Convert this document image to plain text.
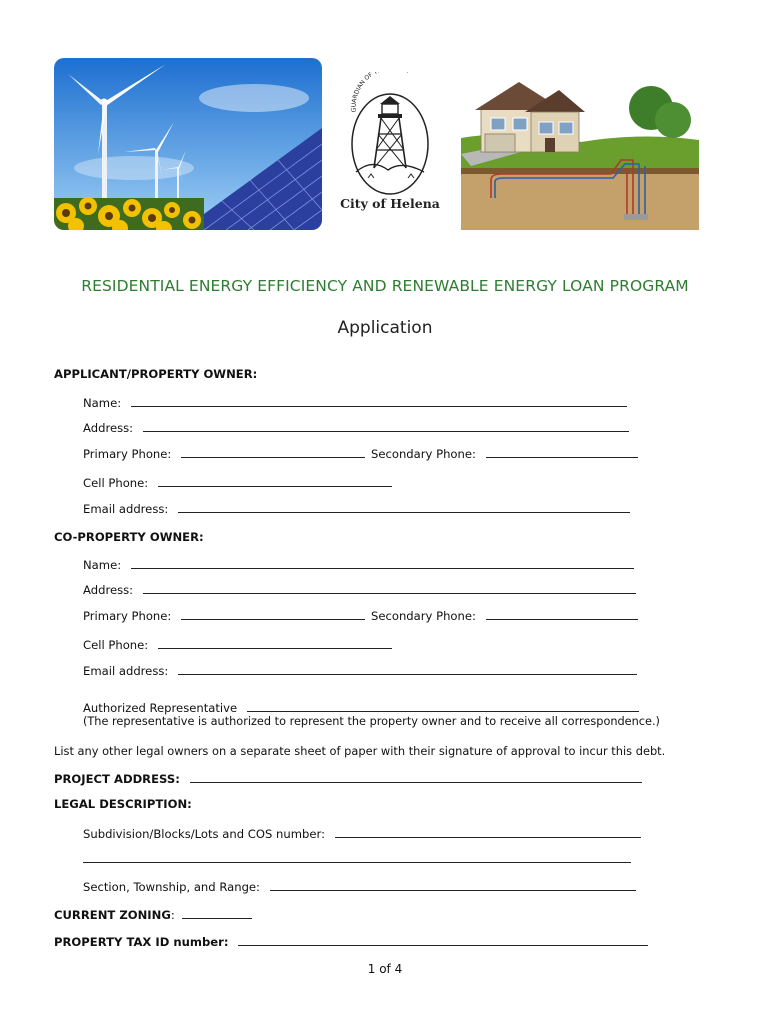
GUARDIAN OF T
City of Helena
RESIDENTIAL ENERGY EFFICIENCY AND RENEWABLE ENERGY LOAN PROGRAM
Application
APPLICANT/PROPERTY OWNER:
Name:
Address:
Primary Phone:	Secondary Phone:
Cell Phone:
Email address:
CO-PROPERTY OWNER:
Name:
Address:
Primary Phone:	Secondary Phone:
Cell Phone:
Email address:
Authorized Representative
(The representative is authorized to represent the property owner and to receive all correspondence.)
List any other legal owners on a separate sheet of paper with their signature of approval to incur this debt.
PROJECT ADDRESS:
LEGAL DESCRIPTION:
Subdivision/Blocks/Lots and COS number:
Section, Township, and Range:
CURRENT ZONING:
PROPERTY TAX ID number:
1 of 4
